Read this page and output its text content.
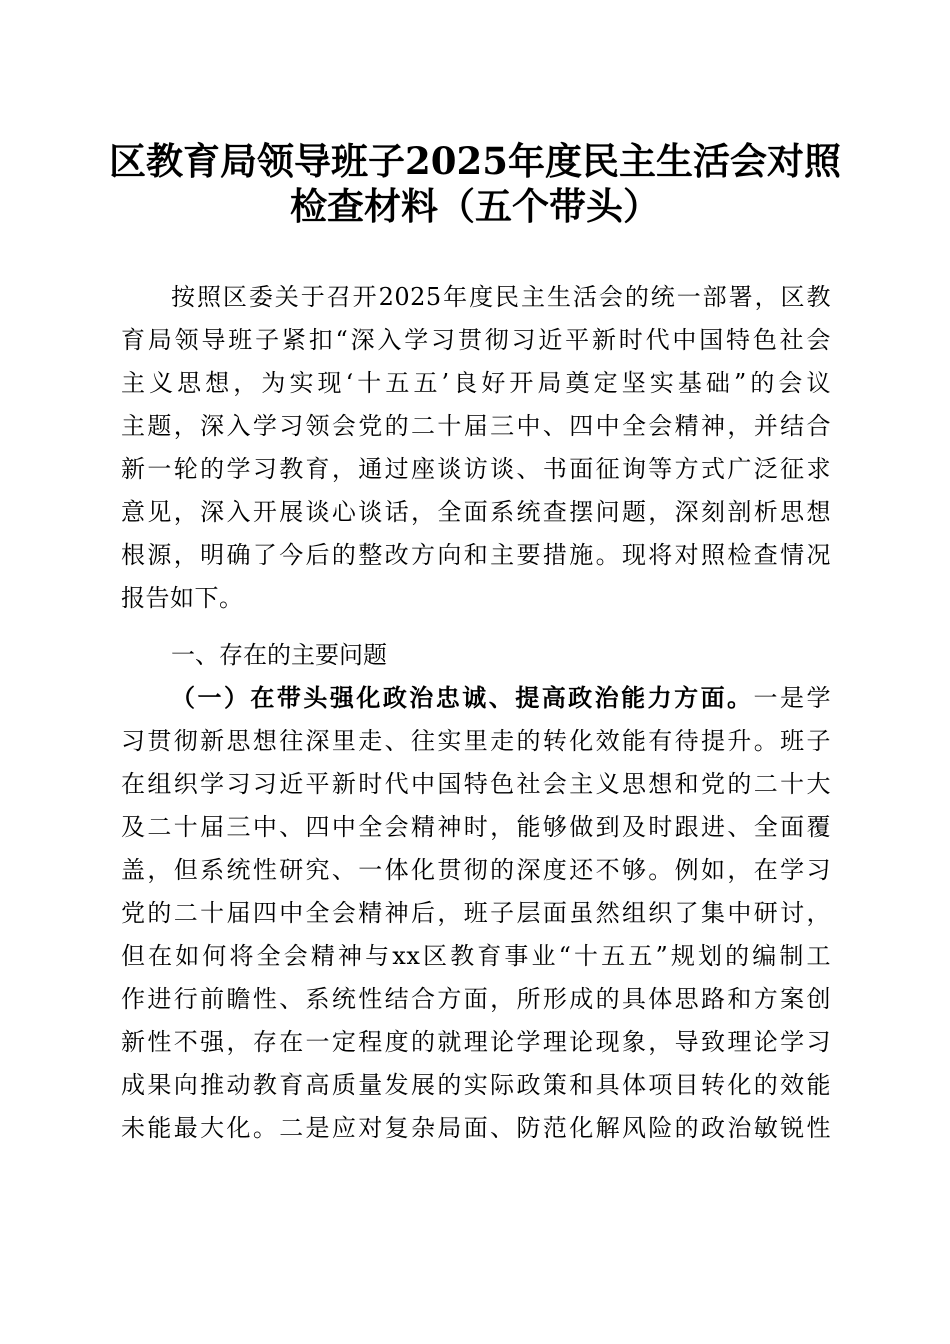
区教育局领导班子2025年度民主生活会对照
检查材料（五个带头）
按照区委关于召开2025年度民主生活会的统一部署，区教
育局领导班子紧扣“深入学习贯彻习近平新时代中国特色社会
主义思想，为实现‘十五五’良好开局奠定坚实基础”的会议
主题，深入学习领会党的二十届三中、四中全会精神，并结合
新一轮的学习教育，通过座谈访谈、书面征询等方式广泛征求
意见，深入开展谈心谈话，全面系统查摆问题，深刻剖析思想
根源，明确了今后的整改方向和主要措施。现将对照检查情况
报告如下。
一、存在的主要问题
（一）在带头强化政治忠诚、提高政治能力方面。一是学
习贯彻新思想往深里走、往实里走的转化效能有待提升。班子
在组织学习习近平新时代中国特色社会主义思想和党的二十大
及二十届三中、四中全会精神时，能够做到及时跟进、全面覆
盖，但系统性研究、一体化贯彻的深度还不够。例如，在学习
党的二十届四中全会精神后，班子层面虽然组织了集中研讨，
但在如何将全会精神与xx区教育事业“十五五”规划的编制工
作进行前瞻性、系统性结合方面，所形成的具体思路和方案创
新性不强，存在一定程度的就理论学理论现象，导致理论学习
成果向推动教育高质量发展的实际政策和具体项目转化的效能
未能最大化。二是应对复杂局面、防范化解风险的政治敏锐性
